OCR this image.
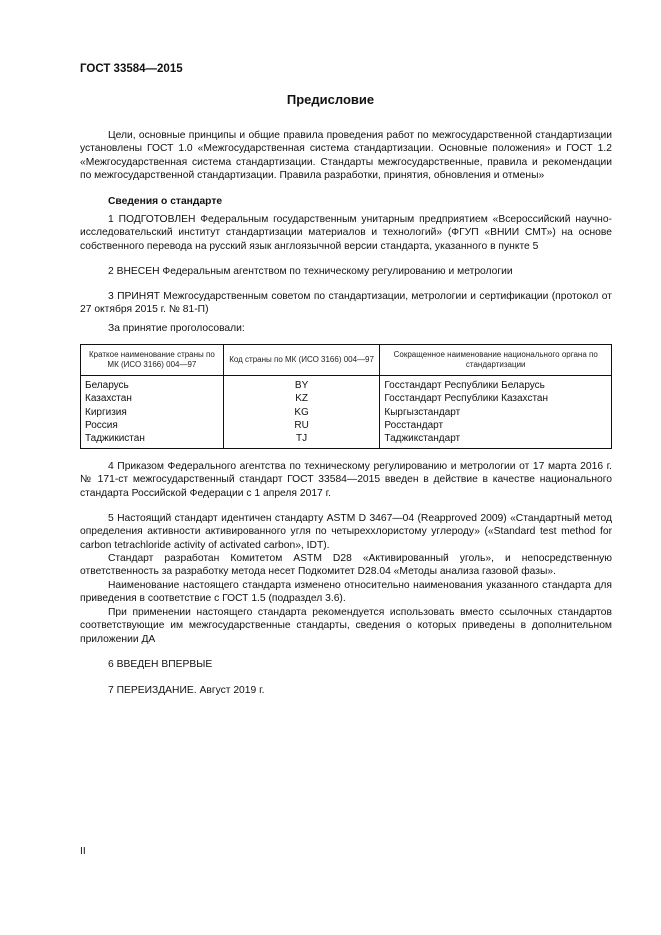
ГОСТ 33584—2015
Предисловие

Цели, основные принципы и общие правила проведения работ по межгосударственной стандартизации установлены ГОСТ 1.0 «Межгосударственная система стандартизации. Основные положения» и ГОСТ 1.2 «Межгосударственная система стандартизации. Стандарты межгосударственные, правила и рекомендации по межгосударственной стандартизации. Правила разработки, принятия, обновления и отмены»

Сведения о стандарте

1 ПОДГОТОВЛЕН Федеральным государственным унитарным предприятием «Всероссийский научно-исследовательский институт стандартизации материалов и технологий» (ФГУП «ВНИИ СМТ») на основе собственного перевода на русский язык англоязычной версии стандарта, указанного в пункте 5

2 ВНЕСЕН Федеральным агентством по техническому регулированию и метрологии

3 ПРИНЯТ Межгосударственным советом по стандартизации, метрологии и сертификации (протокол от 27 октября 2015 г. № 81-П)

За принятие проголосовали:
Краткое наименование страны по МК (ИСО 3166) 004—97	Код страны по МК (ИСО 3166) 004—97	Сокращенное наименование национального органа по стандартизации
Беларусь	BY	Госстандарт Республики Беларусь
Казахстан	KZ	Госстандарт Республики Казахстан
Киргизия	KG	Кыргызстандарт
Россия	RU	Росстандарт
Таджикистан	TJ	Таджикстандарт

4 Приказом Федерального агентства по техническому регулированию и метрологии от 17 марта 2016 г. № 171-ст межгосударственный стандарт ГОСТ 33584—2015 введен в действие в качестве национального стандарта Российской Федерации с 1 апреля 2017 г.

5 Настоящий стандарт идентичен стандарту ASTM D 3467—04 (Reapproved 2009) «Стандартный метод определения активности активированного угля по четырехxлористому углероду» («Standard test method for carbon tetrachloride activity of activated carbon», IDT).

Стандарт разработан Комитетом ASTM D28 «Активированный уголь», и непосредственную ответственность за разработку метода несет Подкомитет D28.04 «Методы анализа газовой фазы».

Наименование настоящего стандарта изменено относительно наименования указанного стандарта для приведения в соответствие с ГОСТ 1.5 (подраздел 3.6).

При применении настоящего стандарта рекомендуется использовать вместо ссылочных стандартов соответствующие им межгосударственные стандарты, сведения о которых приведены в дополнительном приложении ДА

6 ВВЕДЕН ВПЕРВЫЕ

7 ПЕРЕИЗДАНИЕ. Август 2019 г.

II
